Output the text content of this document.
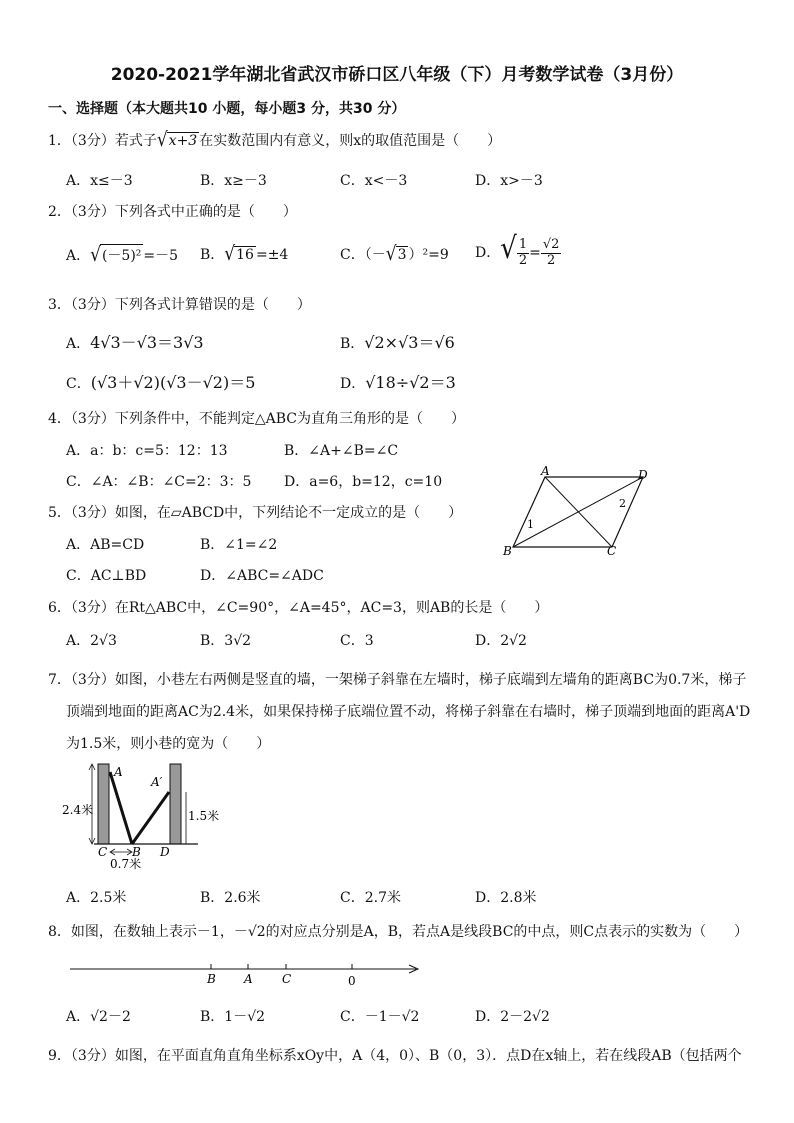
2020-2021学年湖北省武汉市硚口区八年级（下）月考数学试卷（3月份）
一、选择题（本大题共10 小题，每小题3 分，共30 分）
1．（3分）若式子√x+3 在实数范围内有意义，则x的取值范围是（　　）
A．x≤－3	B．x≥－3	C．x<－3	D．x>－3
2．（3分）下列各式中正确的是（　　）
A．√(－5)² =－5 B．√16 =±4	C．（－√3 ）²=9 D．√ $\frac{1}{2} = \frac{√2}{2}$
3．（3分）下列各式计算错误的是（　　）
A．4√3－√3＝3√3	B．√2×√3＝√6
C．(√3＋√2)(√3－√2)＝5	D．√18÷√2＝3
4．（3分）下列条件中，不能判定△ABC为直角三角形的是（　　）
A．a：b：c=5：12：13	B．∠A+∠B=∠C
C．∠A：∠B：∠C=2：3：5 D．a=6，b=12，c=10
5．（3分）如图，在▱ABCD中，下列结论不一定成立的是（　　）
A．AB=CD	B．∠1=∠2
C．AC⊥BD	D．∠ABC=∠ADC
A	D
B	C
1
2
6．（3分）在Rt△ABC中，∠C=90°，∠A=45°，AC=3，则AB的长是（　　）
A．2√3	B．3√2	C．3	D．2√2
7．（3分）如图，小巷左右两侧是竖直的墙，一架梯子斜靠在左墙时，梯子底端到左墙角的距离BC为0.7米，梯子
顶端到地面的距离AC为2.4米，如果保持梯子底端位置不动，将梯子斜靠在右墙时，梯子顶端到地面的距离A'D
为1.5米，则小巷的宽为（　　）
A
A′
C B D
2.4米	1.5米
0.7米
A．2.5米	B．2.6米	C．2.7米	D．2.8米
8．如图，在数轴上表示－1，－√2的对应点分别是A，B，若点A是线段BC的中点，则C点表示的实数为（　　）
B A C	0
A．√2－2	B．1－√2	C．－1－√2	D．2－2√2
9．（3分）如图，在平面直角直角坐标系xOy中，A（4，0）、B（0，3）．点D在x轴上，若在线段AB（包括两个
